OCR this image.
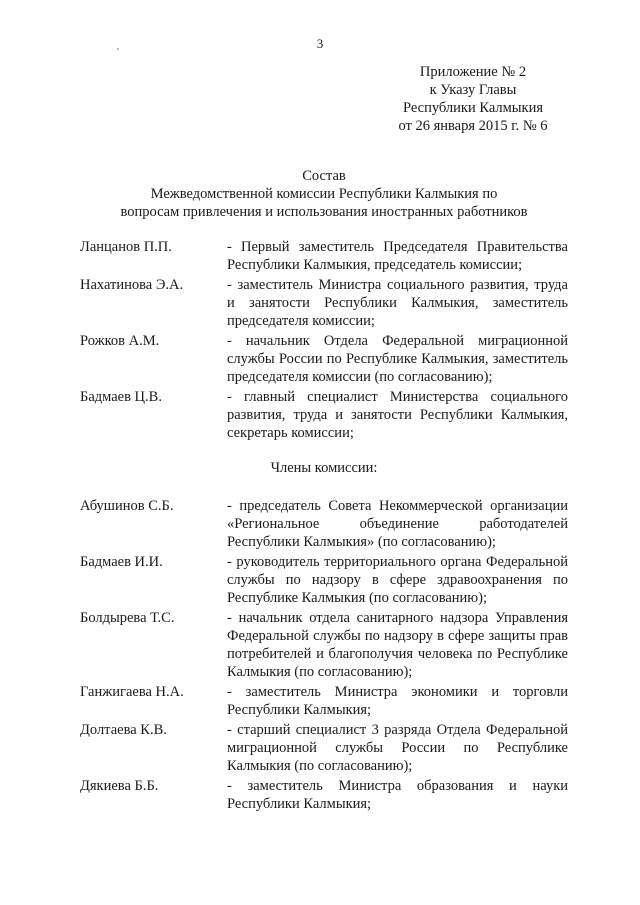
3
Приложение № 2
к Указу Главы
Республики Калмыкия
от 26 января 2015 г. № 6
Состав
Межведомственной комиссии Республики Калмыкия по
вопросам привлечения и использования иностранных работников
Ланцанов П.П.	- Первый заместитель Председателя Правительства Республики Калмыкия, председатель комиссии;
Нахатинова Э.А.	- заместитель Министра социального развития, труда и занятости Республики Калмыкия, заместитель председателя комиссии;
Рожков А.М.	- начальник Отдела Федеральной миграционной службы России по Республике Калмыкия, заместитель председателя комиссии (по согласованию);
Бадмаев Ц.В.	- главный специалист Министерства социального развития, труда и занятости Республики Калмыкия, секретарь комиссии;
Члены комиссии:
Абушинов С.Б.	- председатель Совета Некоммерческой организации «Региональное объединение работодателей Республики Калмыкия» (по согласованию);
Бадмаев И.И.	- руководитель территориального органа Федеральной службы по надзору в сфере здравоохранения по Республике Калмыкия (по согласованию);
Болдырева Т.С.	- начальник отдела санитарного надзора Управления Федеральной службы по надзору в сфере защиты прав потребителей и благополучия человека по Республике Калмыкия (по согласованию);
Ганжигаева Н.А.	- заместитель Министра экономики и торговли Республики Калмыкия;
Долтаева К.В.	- старший специалист 3 разряда Отдела Федеральной миграционной службы России по Республике Калмыкия (по согласованию);
Дякиева Б.Б.	- заместитель Министра образования и науки Республики Калмыкия;
